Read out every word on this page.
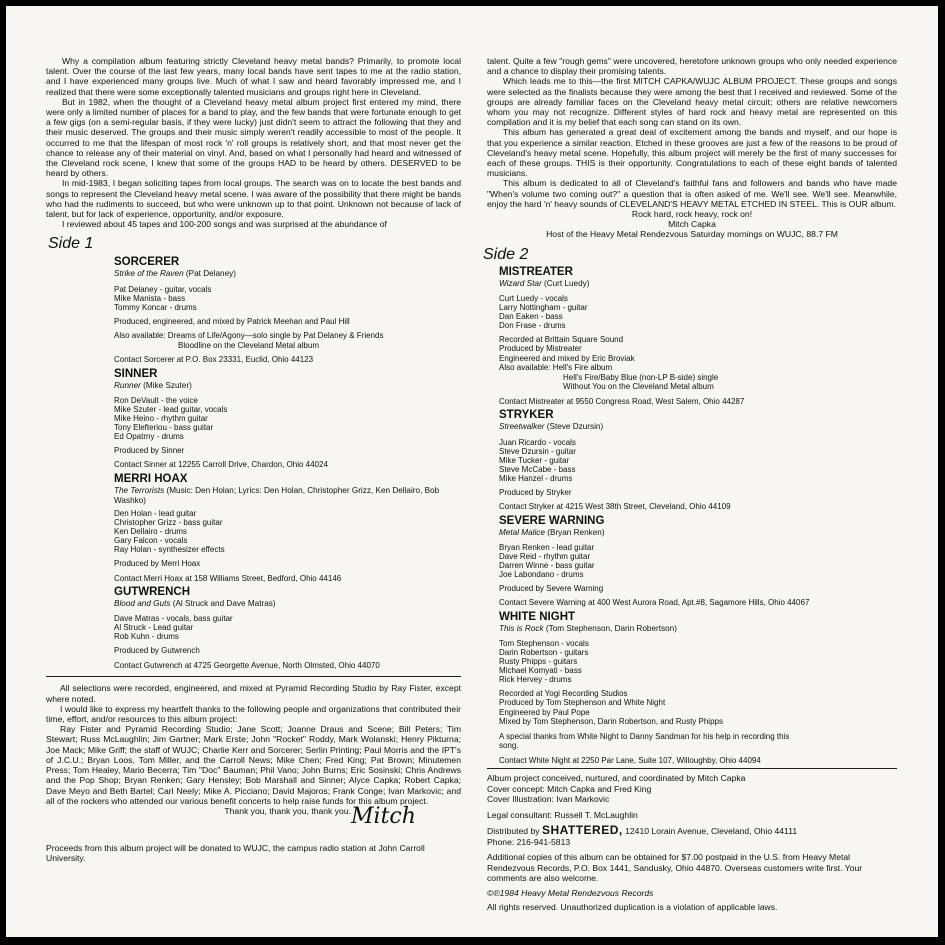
Why a compilation album featuring strictly Cleveland heavy metal bands? Primarily, to promote local talent. Over the course of the last few years, many local bands have sent tapes to me at the radio station, and I have experienced many groups live. Much of what I saw and heard favorably impressed me, and I realized that there were some exceptionally talented musicians and groups right here in Cleveland.

But in 1982, when the thought of a Cleveland heavy metal album project first entered my mind, there were only a limited number of places for a band to play, and the few bands that were fortunate enough to get a few gigs (on a semi-regular basis, if they were lucky) just didn't seem to attract the following that they and their music deserved. The groups and their music simply weren't readily accessible to most of the people. It occurred to me that the lifespan of most rock 'n' roll groups is relatively short, and that most never get the chance to release any of their material on vinyl. And, based on what I personally had heard and witnessed of the Cleveland rock scene, I knew that some of the groups HAD to be heard by others. DESERVED to be heard by others.

In mid-1983, I began soliciting tapes from local groups. The search was on to locate the best bands and songs to represent the Cleveland heavy metal scene. I was aware of the possibility that there might be bands who had the rudiments to succeed, but who were unknown up to that point. Unknown not because of lack of talent, but for lack of experience, opportunity, and/or exposure.

I reviewed about 45 tapes and 100-200 songs and was surprised at the abundance of

Side 1
SORCERER
Strike of the Raven (Pat Delaney)
Pat Delaney - guitar, vocals
Mike Manista - bass
Tommy Koncar - drums
Produced, engineered, and mixed by Patrick Meehan and Paul Hill
Also available: Dreams of Life/Agony—solo single by Pat Delaney & Friends
Bloodline on the Cleveland Metal album
Contact Sorcerer at P.O. Box 23331, Euclid, Ohio 44123
SINNER
Runner (Mike Szuter)
Ron DeVault - the voice
Mike Szuter - lead guitar, vocals
Mike Heino - rhythm guitar
Tony Elefteriou - bass guitar
Ed Opatrny - drums
Produced by Sinner
Contact Sinner at 12255 Carroll Drive, Chardon, Ohio 44024
MERRI HOAX
The Terrorists (Music: Den Holan; Lyrics: Den Holan, Christopher Grizz, Ken Dellairo, Bob Washko)
Den Holan - lead guitar
Christopher Grizz - bass guitar
Ken Dellairo - drums
Gary Falcon - vocals
Ray Holan - synthesizer effects
Produced by Merri Hoax
Contact Merri Hoax at 158 Williams Street, Bedford, Ohio 44146
GUTWRENCH
Blood and Guts (Al Struck and Dave Matras)
Dave Matras - vocals, bass guitar
Al Struck - Lead guitar
Rob Kuhn - drums
Produced by Gutwrench
Contact Gutwrench at 4725 Georgette Avenue, North Olmsted, Ohio 44070

All selections were recorded, engineered, and mixed at Pyramid Recording Studio by Ray Fister, except where noted.

I would like to express my heartfelt thanks to the following people and organizations that contributed their time, effort, and/or resources to this album project:

Ray Fister and Pyramid Recording Studio; Jane Scott; Joanne Draus and Scene; Bill Peters; Tim Stewart; Russ McLaughlin; Jim Gartner; Mark Erste; John "Rocket" Roddy, Mark Wolanski; Henry Pikturna; Joe Mack; Mike Griff; the staff of WUJC; Charlie Kerr and Sorcerer; Serlin Printing; Paul Morris and the IPT's of J.C.U.; Bryan Loos, Tom Miller, and the Carroll News; Mike Chen; Fred King; Pat Brown; Minutemen Press; Tom Healey, Mario Becerra; Tim "Doc" Bauman; Phil Vano; John Burns; Eric Sosinski; Chris Andrews and the Pop Shop; Bryan Renken; Gary Hensley; Bob Marshall and Sinner; Alyce Capka; Robert Capka; Dave Meyo and Beth Bartel; Carl Neely; Mike A. Picciano; David Majoros; Frank Conge; Ivan Markovic; and all of the rockers who attended our various benefit concerts to help raise funds for this album project.

Thank you, thank you, thank you. Mitch
Proceeds from this album project will be donated to WUJC, the campus radio station at John Carroll University.

talent. Quite a few "rough gems" were uncovered, heretofore unknown groups who only needed experience and a chance to display their promising talents.

Which leads me to this—the first MITCH CAPKA/WUJC ALBUM PROJECT. These groups and songs were selected as the finalists because they were among the best that I received and reviewed. Some of the groups are already familiar faces on the Cleveland heavy metal circuit; others are relative newcomers whom you may not recognize. Different styles of hard rock and heavy metal are represented on this compilation and it is my belief that each song can stand on its own.

This album has generated a great deal of excitement among the bands and myself, and our hope is that you experience a similar reaction. Etched in these grooves are just a few of the reasons to be proud of Cleveland's heavy metal scene. Hopefully, this album project will merely be the first of many successes for each of these groups. THIS is their opportunity. Congratulations to each of these eight bands of talented musicians.

This album is dedicated to all of Cleveland's faithful fans and followers and bands who have made "When's volume two coming out?" a question that is often asked of me. We'll see. We'll see. Meanwhile, enjoy the hard 'n' heavy sounds of CLEVELAND'S HEAVY METAL ETCHED IN STEEL. This is OUR album.

Rock hard, rock heavy, rock on!
Mitch Capka
Host of the Heavy Metal Rendezvous Saturday mornings on WUJC, 88.7 FM
Side 2
MISTREATER
Wizard Star (Curt Luedy)
Curt Luedy - vocals
Larry Nottingham - guitar
Dan Eaken - bass
Don Frase - drums
Recorded at Brittain Square Sound
Produced by Mistreater
Engineered and mixed by Eric Broviak
Also available: Hell's Fire album
Hell's Fire/Baby Blue (non-LP B-side) single
Without You on the Cleveland Metal album
Contact Mistreater at 9550 Congress Road, West Salem, Ohio 44287
STRYKER
Streetwalker (Steve Dzursin)
Juan Ricardo - vocals
Steve Dzursin - guitar
Mike Tucker - guitar
Steve McCabe - bass
Mike Hanzel - drums
Produced by Stryker
Contact Stryker at 4215 West 38th Street, Cleveland, Ohio 44109
SEVERE WARNING
Metal Malice (Bryan Renken)
Bryan Renken - lead guitar
Dave Reid - rhythm guitar
Darren Winne - bass guitar
Joe Labondano - drums
Produced by Severe Warning
Contact Severe Warning at 400 West Aurora Road, Apt.#8, Sagamore Hills, Ohio 44067
WHITE NIGHT
This is Rock (Tom Stephenson, Darin Robertson)
Tom Stephenson - vocals
Darin Robertson - guitars
Rusty Phipps - guitars
Michael Komyati - bass
Rick Hervey - drums
Recorded at Yogi Recording Studios
Produced by Tom Stephenson and White Night
Engineered by Paul Pope
Mixed by Tom Stephenson, Darin Robertson, and Rusty Phipps
A special thanks from White Night to Danny Sandman for his help in recording this song.
Contact White Night at 2250 Par Lane, Suite 107, Willoughby, Ohio 44094
Album project conceived, nurtured, and coordinated by Mitch Capka
Cover concept: Mitch Capka and Fred King
Cover Illustration: Ivan Markovic
Legal consultant: Russell T. McLaughlin
Distributed by SHATTERED, 12410 Lorain Avenue, Cleveland, Ohio 44111
Phone: 216-941-5813
Additional copies of this album can be obtained for $7.00 postpaid in the U.S. from Heavy Metal Rendezvous Records, P.O. Box 1441, Sandusky, Ohio 44870. Overseas customers write first. Your comments are also welcome.
©℗1984 Heavy Metal Rendezvous Records
All rights reserved. Unauthorized duplication is a violation of applicable laws.
